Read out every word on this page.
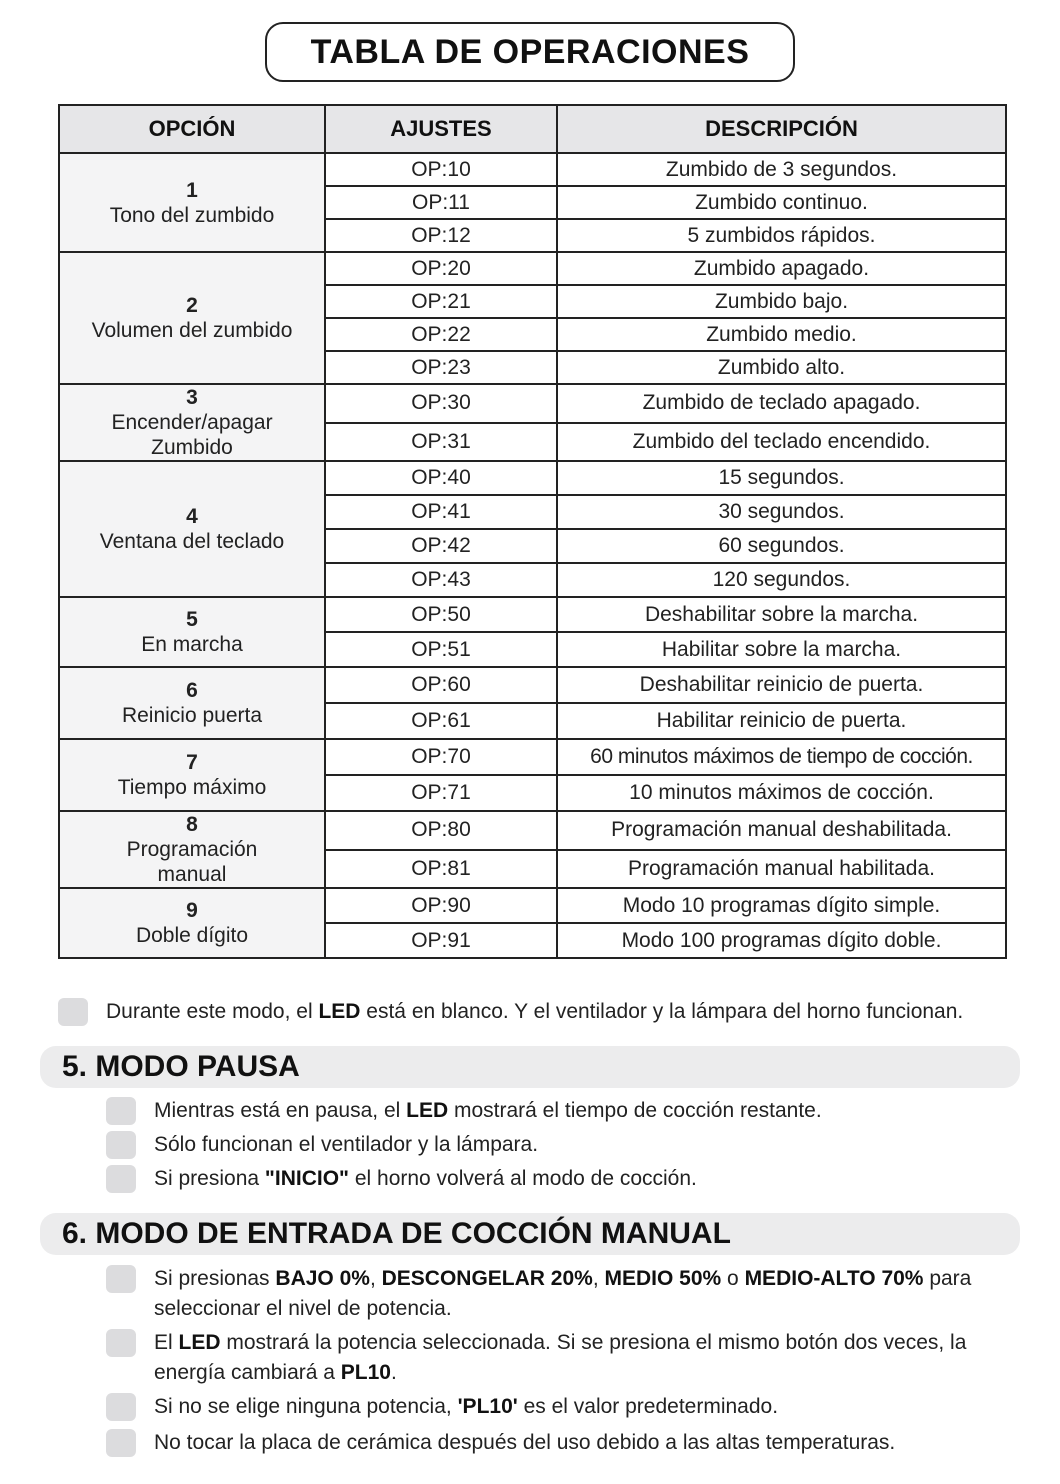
TABLA DE OPERACIONES
OPCIÓN	AJUSTES	DESCRIPCIÓN

1
Tono del zumbido	OP:10	Zumbido de 3 segundos.
	OP:11	Zumbido continuo.
	OP:12	5 zumbidos rápidos.

2
Volumen del zumbido	OP:20	Zumbido apagado.
	OP:21	Zumbido bajo.
	OP:22	Zumbido medio.
	OP:23	Zumbido alto.

3
Encender/apagar Zumbido	OP:30	Zumbido de teclado apagado.
	OP:31	Zumbido del teclado encendido.

4
Ventana del teclado	OP:40	15 segundos.
	OP:41	30 segundos.
	OP:42	60 segundos.
	OP:43	120 segundos.

5
En marcha	OP:50	Deshabilitar sobre la marcha.
	OP:51	Habilitar sobre la marcha.

6
Reinicio puerta	OP:60	Deshabilitar reinicio de puerta.
	OP:61	Habilitar reinicio de puerta.

7
Tiempo máximo	OP:70	60 minutos máximos de tiempo de cocción.
	OP:71	10 minutos máximos de cocción.

8
Programación manual	OP:80	Programación manual deshabilitada.
	OP:81	Programación manual habilitada.

9
Doble dígito	OP:90	Modo 10 programas dígito simple.
	OP:91	Modo 100 programas dígito doble.
Durante este modo, el LED está en blanco. Y el ventilador y la lámpara del horno funcionan.
5. MODO PAUSA
Mientras está en pausa, el LED mostrará el tiempo de cocción restante.
Sólo funcionan el ventilador y la lámpara.
Si presiona "INICIO" el horno volverá al modo de cocción.
6. MODO DE ENTRADA DE COCCIÓN MANUAL
Si presionas BAJO 0%, DESCONGELAR 20%, MEDIO 50% o MEDIO-ALTO 70% para seleccionar el nivel de potencia.
El LED mostrará la potencia seleccionada. Si se presiona el mismo botón dos veces, la energía cambiará a PL10.
Si no se elige ninguna potencia, 'PL10' es el valor predeterminado.
No tocar la placa de cerámica después del uso debido a las altas temperaturas.
